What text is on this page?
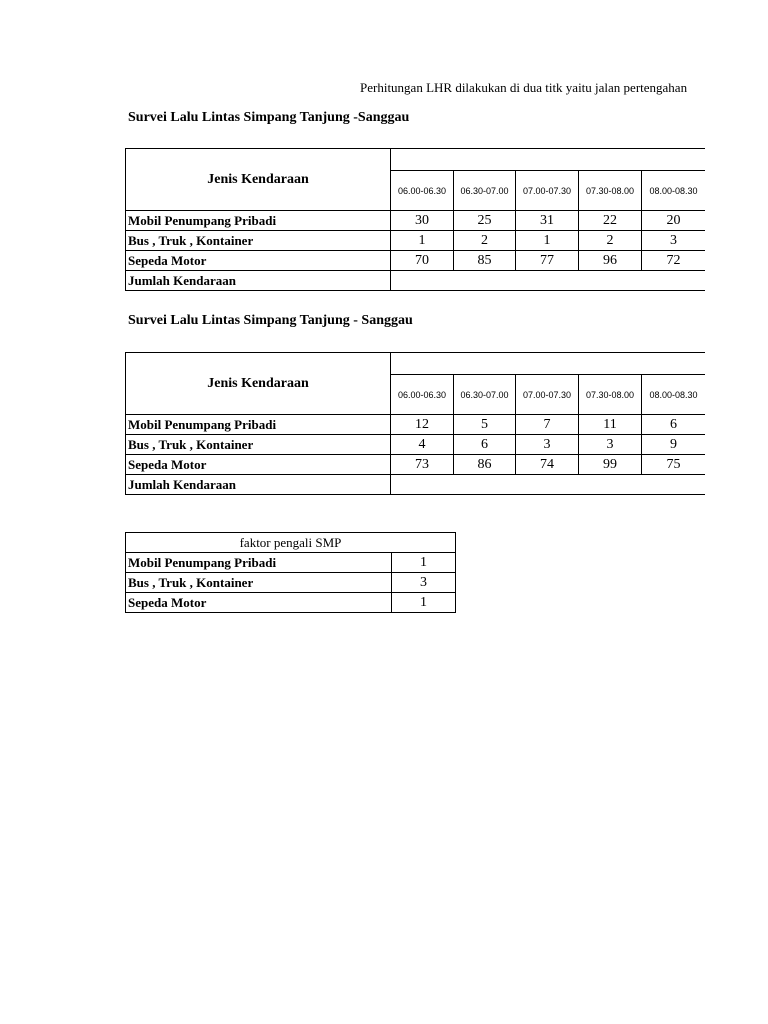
Perhitungan LHR dilakukan di dua titk yaitu jalan pertengahan
Survei Lalu Lintas Simpang Tanjung -Sanggau
Jenis Kendaraan						
	06.00-06.30	06.30-07.00	07.00-07.30	07.30-08.00	08.00-08.30	
Mobil Penumpang Pribadi	30	25	31	22	20	
Bus , Truk , Kontainer	1	2	1	2	3	
Sepeda Motor	70	85	77	96	72	
Jumlah Kendaraan						
Survei Lalu Lintas Simpang Tanjung - Sanggau
Jenis Kendaraan						
	06.00-06.30	06.30-07.00	07.00-07.30	07.30-08.00	08.00-08.30	
Mobil Penumpang Pribadi	12	5	7	11	6	
Bus , Truk , Kontainer	4	6	3	3	9	
Sepeda Motor	73	86	74	99	75	
Jumlah Kendaraan						
faktor pengali SMP	
Mobil Penumpang Pribadi	1
Bus , Truk , Kontainer	3
Sepeda Motor	1
